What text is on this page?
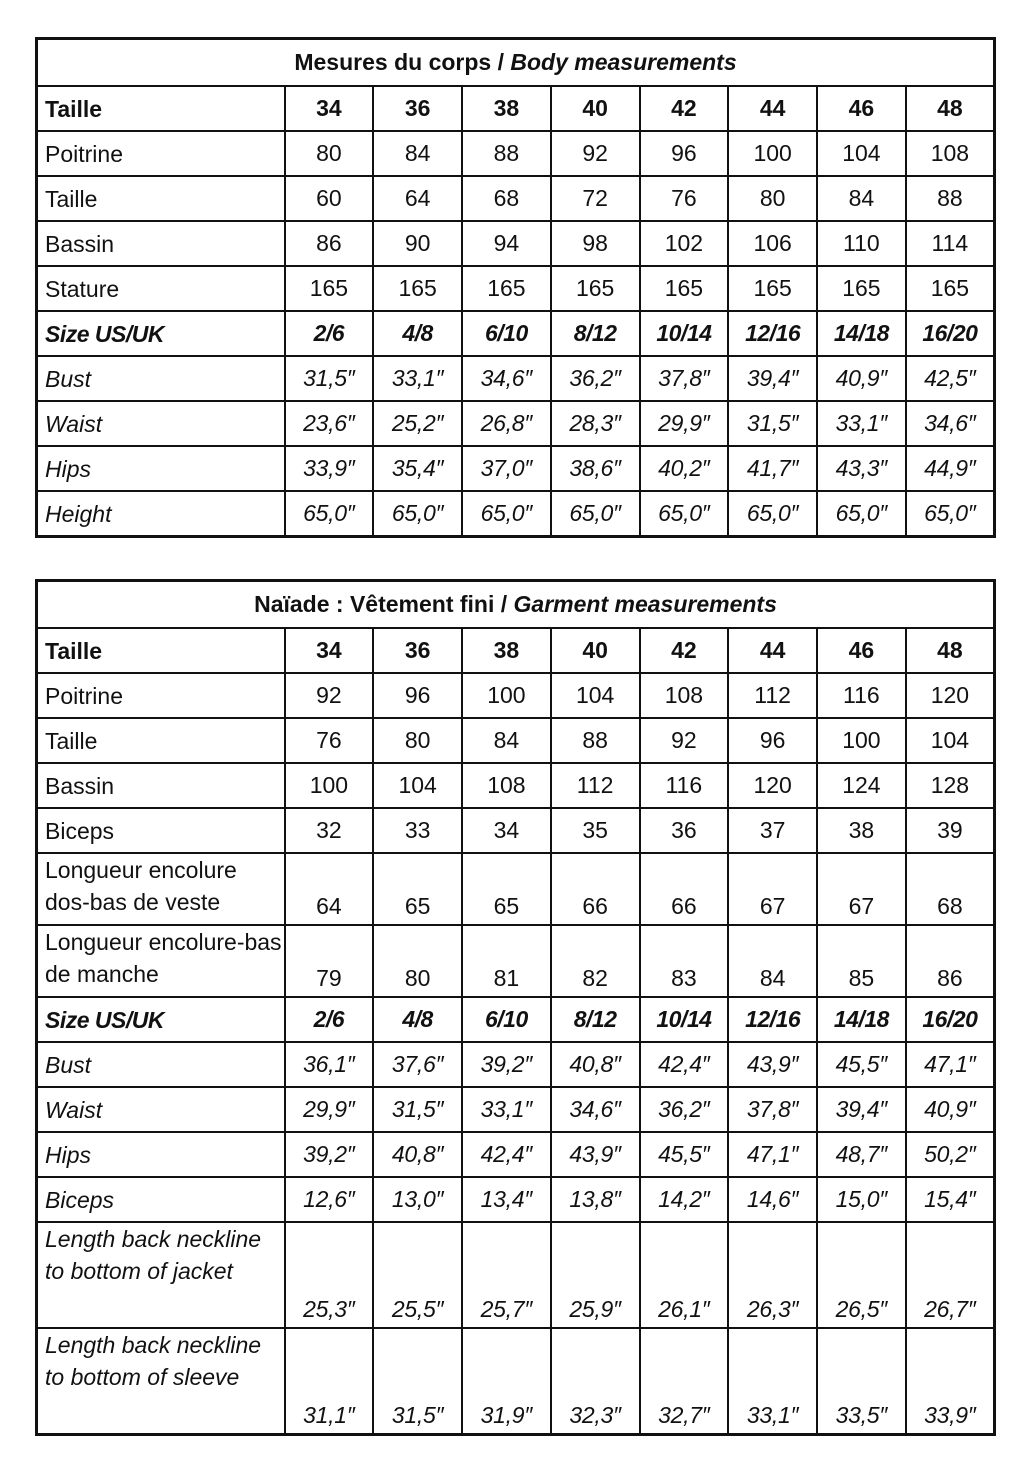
Mesures du corps / Body measurements								
Taille	34	36	38	40	42	44	46	48
Poitrine	80	84	88	92	96	100	104	108
Taille	60	64	68	72	76	80	84	88
Bassin	86	90	94	98	102	106	110	114
Stature	165	165	165	165	165	165	165	165
Size US/UK	2/6	4/8	6/10	8/12	10/14	12/16	14/18	16/20
Bust	31,5″	33,1″	34,6″	36,2″	37,8″	39,4″	40,9″	42,5″
Waist	23,6″	25,2″	26,8″	28,3″	29,9″	31,5″	33,1″	34,6″
Hips	33,9″	35,4″	37,0″	38,6″	40,2″	41,7″	43,3″	44,9″
Height	65,0″	65,0″	65,0″	65,0″	65,0″	65,0″	65,0″	65,0″
Naïade : Vêtement fini / Garment measurements								
Taille	34	36	38	40	42	44	46	48
Poitrine	92	96	100	104	108	112	116	120
Taille	76	80	84	88	92	96	100	104
Bassin	100	104	108	112	116	120	124	128
Biceps	32	33	34	35	36	37	38	39
Longueur encolure dos-bas de veste	64	65	65	66	66	67	67	68
Longueur encolure-bas de manche	79	80	81	82	83	84	85	86
Size US/UK	2/6	4/8	6/10	8/12	10/14	12/16	14/18	16/20
Bust	36,1″	37,6″	39,2″	40,8″	42,4″	43,9″	45,5″	47,1″
Waist	29,9″	31,5″	33,1″	34,6″	36,2″	37,8″	39,4″	40,9″
Hips	39,2″	40,8″	42,4″	43,9″	45,5″	47,1″	48,7″	50,2″
Biceps	12,6″	13,0″	13,4″	13,8″	14,2″	14,6″	15,0″	15,4″
Length back neckline to bottom of jacket	25,3″	25,5″	25,7″	25,9″	26,1″	26,3″	26,5″	26,7″
Length back neckline to bottom of sleeve	31,1″	31,5″	31,9″	32,3″	32,7″	33,1″	33,5″	33,9″
